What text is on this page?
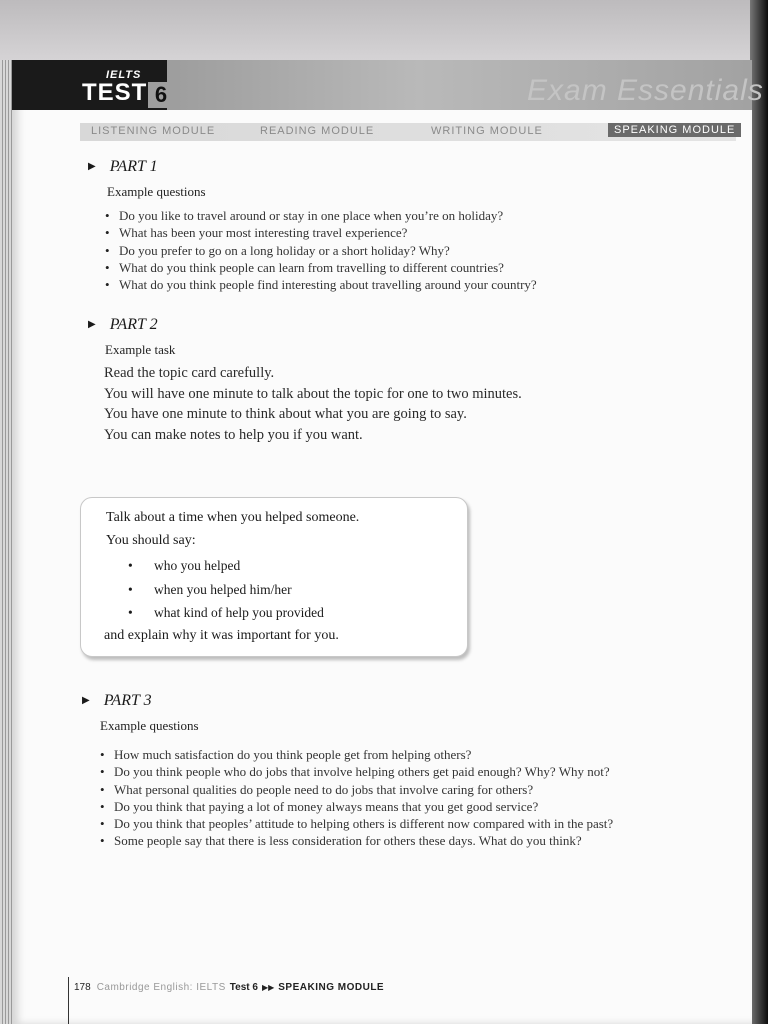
IELTS
TEST 6	Exam Essentials
LISTENING MODULE	READING MODULE	WRITING MODULE	SPEAKING MODULE
▶ PART 1
Example questions
• Do you like to travel around or stay in one place when you’re on holiday?
• What has been your most interesting travel experience?
• Do you prefer to go on a long holiday or a short holiday? Why?
• What do you think people can learn from travelling to different countries?
• What do you think people find interesting about travelling around your country?
▶ PART 2
Example task
Read the topic card carefully.
You will have one minute to talk about the topic for one to two minutes.
You have one minute to think about what you are going to say.
You can make notes to help you if you want.
Talk about a time when you helped someone.
You should say:
• who you helped
• when you helped him/her
• what kind of help you provided
and explain why it was important for you.
▶ PART 3
Example questions
• How much satisfaction do you think people get from helping others?
• Do you think people who do jobs that involve helping others get paid enough? Why? Why not?
• What personal qualities do people need to do jobs that involve caring for others?
• Do you think that paying a lot of money always means that you get good service?
• Do you think that peoples’ attitude to helping others is different now compared with in the past?
• Some people say that there is less consideration for others these days. What do you think?
178 Cambridge English: IELTS Test 6 ▶▶ SPEAKING MODULE
